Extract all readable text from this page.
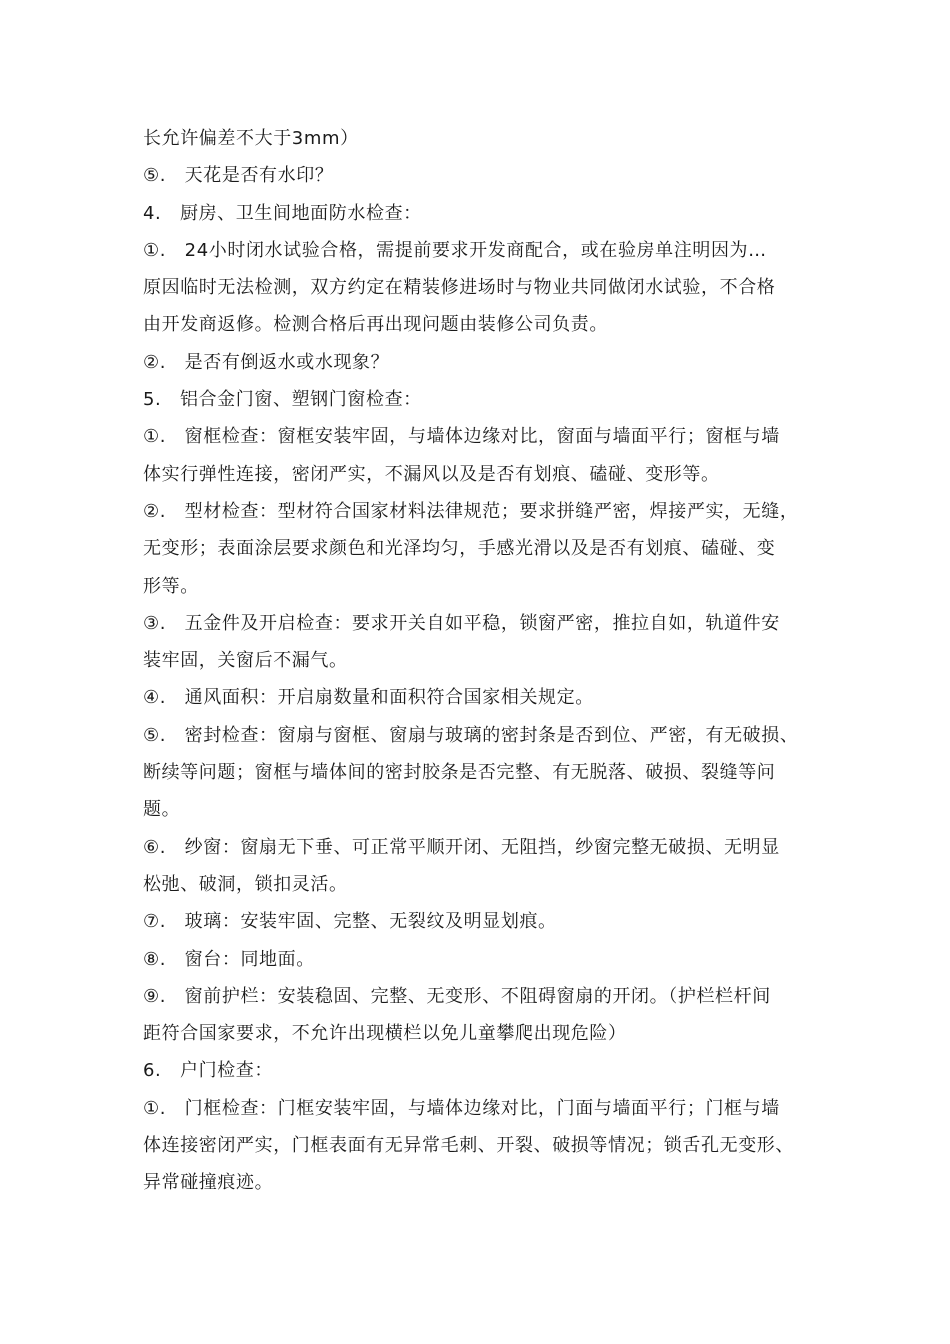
长允许偏差不大于3mm）
⑤.　天花是否有水印？
4.　厨房、卫生间地面防水检查：
①.　24小时闭水试验合格，需提前要求开发商配合，或在验房单注明因为…
原因临时无法检测，双方约定在精装修进场时与物业共同做闭水试验，不合格
由开发商返修。检测合格后再出现问题由装修公司负责。
②.　是否有倒返水或水现象？
5.　铝合金门窗、塑钢门窗检查：
①.　窗框检查：窗框安装牢固，与墙体边缘对比，窗面与墙面平行；窗框与墙
体实行弹性连接，密闭严实，不漏风以及是否有划痕、磕碰、变形等。
②.　型材检查：型材符合国家材料法律规范；要求拼缝严密，焊接严实，无缝，
无变形；表面涂层要求颜色和光泽均匀，手感光滑以及是否有划痕、磕碰、变
形等。
③.　五金件及开启检查：要求开关自如平稳，锁窗严密，推拉自如，轨道件安
装牢固，关窗后不漏气。
④.　通风面积：开启扇数量和面积符合国家相关规定。
⑤.　密封检查：窗扇与窗框、窗扇与玻璃的密封条是否到位、严密，有无破损、
断续等问题；窗框与墙体间的密封胶条是否完整、有无脱落、破损、裂缝等问
题。
⑥.　纱窗：窗扇无下垂、可正常平顺开闭、无阻挡，纱窗完整无破损、无明显
松弛、破洞，锁扣灵活。
⑦.　玻璃：安装牢固、完整、无裂纹及明显划痕。
⑧.　窗台：同地面。
⑨.　窗前护栏：安装稳固、完整、无变形、不阻碍窗扇的开闭。（护栏栏杆间
距符合国家要求，不允许出现横栏以免儿童攀爬出现危险）
6.　户门检查：
①.　门框检查：门框安装牢固，与墙体边缘对比，门面与墙面平行；门框与墙
体连接密闭严实，门框表面有无异常毛刺、开裂、破损等情况；锁舌孔无变形、
异常碰撞痕迹。
